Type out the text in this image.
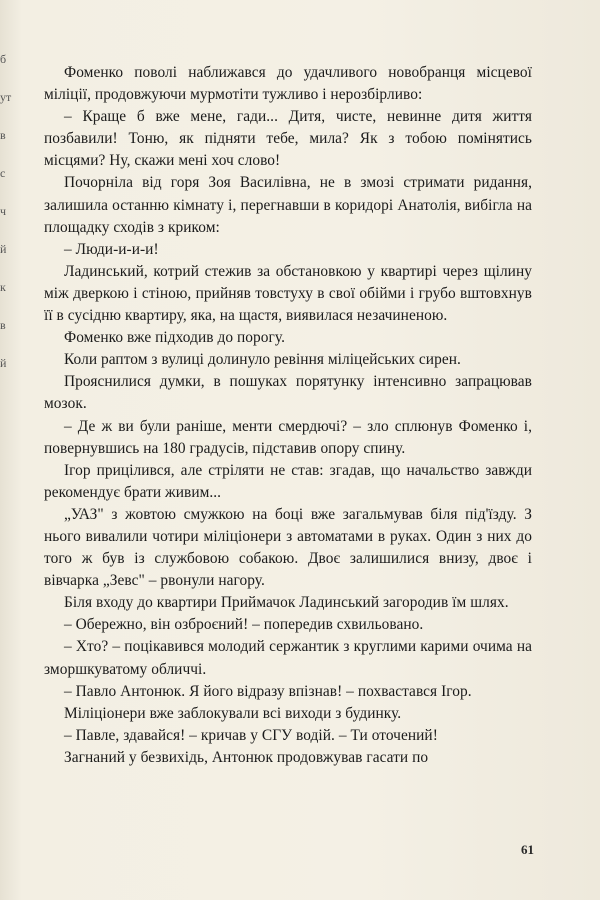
б
ут
в
с
ч
й
к
в
й

Фоменко поволі наближався до удачливого новобранця місцевої міліції, продовжуючи мурмотіти тужливо і нерозбірливо:

– Краще б вже мене, гади... Дитя, чисте, невинне дитя життя позбавили! Тоню, як підняти тебе, мила? Як з тобою помінятись місцями? Ну, скажи мені хоч слово!

Почорніла від горя Зоя Василівна, не в змозі стримати ридання, залишила останню кімнату і, перегнавши в коридорі Анатолія, вибігла на площадку сходів з криком:

– Люди-и-и-и!

Ладинський, котрий стежив за обстановкою у квартирі через щілину між дверкою і стіною, прийняв товстуху в свої обійми і грубо вштовхнув її в сусідню квартиру, яка, на щастя, виявилася незачиненою.

Фоменко вже підходив до порогу.

Коли раптом з вулиці долинуло ревіння міліцейських сирен.

Прояснилися думки, в пошуках порятунку інтенсивно запрацював мозок.

– Де ж ви були раніше, менти смердючі? – зло сплюнув Фоменко і, повернувшись на 180 градусів, підставив опору спину.

Ігор прицілився, але стріляти не став: згадав, що начальство завжди рекомендує брати живим...

„УАЗ" з жовтою смужкою на боці вже загальмував біля під'їзду. З нього вивалили чотири міліціонери з автоматами в руках. Один з них до того ж був із службовою собакою. Двоє залишилися внизу, двоє і вівчарка „Зевс" – рвонули нагору.

Біля входу до квартири Приймачок Ладинський загородив їм шлях.

– Обережно, він озброєний! – попередив схвильовано.

– Хто? – поцікавився молодий сержантик з круглими карими очима на зморшкуватому обличчі.

– Павло Антонюк. Я його відразу впізнав! – похвастався Ігор.

Міліціонери вже заблокували всі виходи з будинку.

– Павле, здавайся! – кричав у СГУ водій. – Ти оточений!

Загнаний у безвихідь, Антонюк продовжував гасати по

61
